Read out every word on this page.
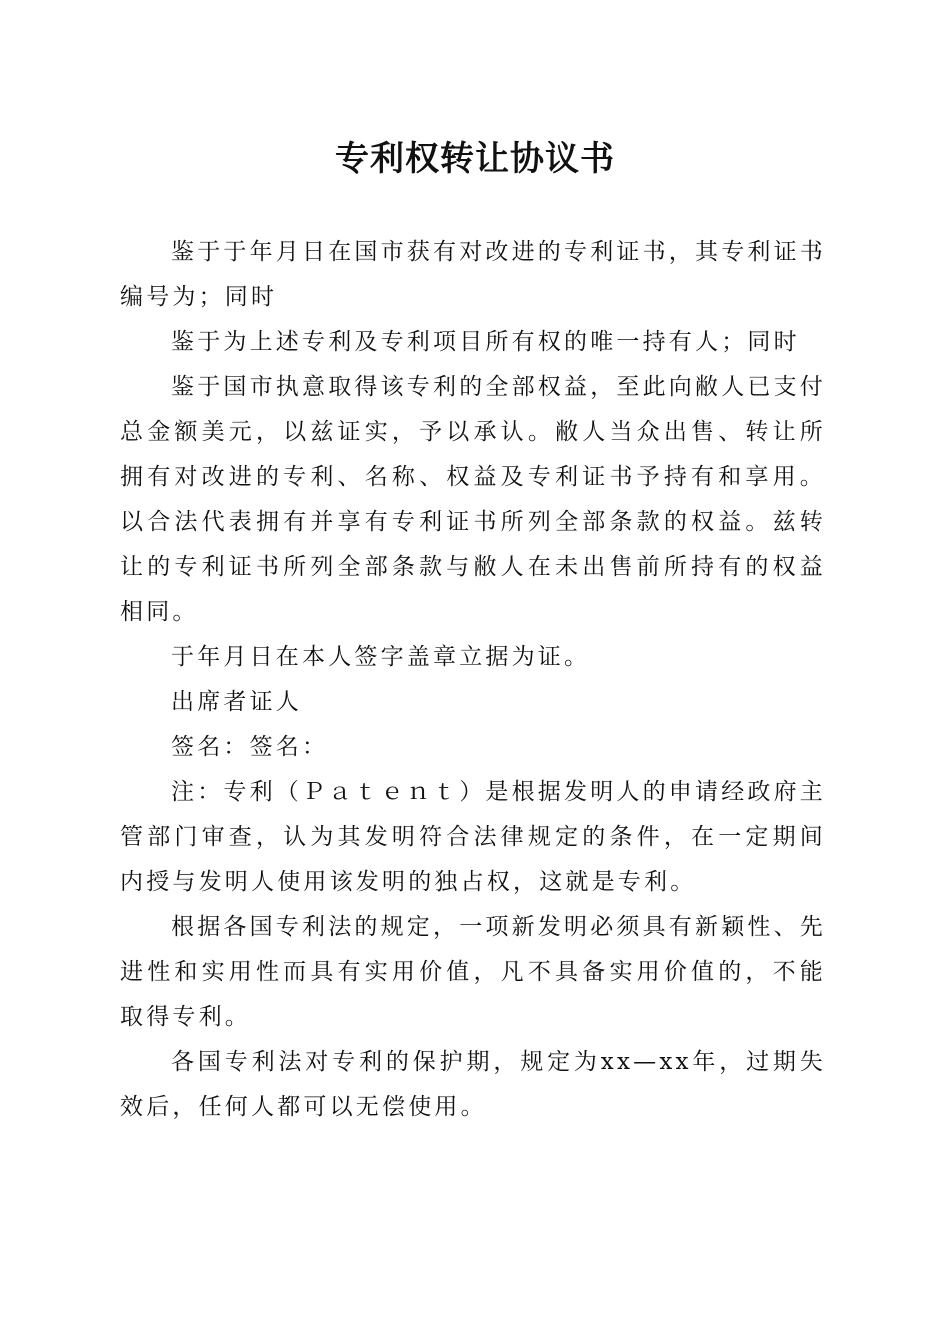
专利权转让协议书

鉴于于年月日在国市获有对改进的专利证书，其专利证书编号为；同时

鉴于为上述专利及专利项目所有权的唯一持有人；同时

鉴于国市执意取得该专利的全部权益，至此向敝人已支付总金额美元，以兹证实，予以承认。敝人当众出售、转让所拥有对改进的专利、名称、权益及专利证书予持有和享用。以合法代表拥有并享有专利证书所列全部条款的权益。兹转让的专利证书所列全部条款与敝人在未出售前所持有的权益相同。

于年月日在本人签字盖章立据为证。

出席者证人

签名：签名：

注：专利（Ｐａｔｅｎｔ）是根据发明人的申请经政府主管部门审查，认为其发明符合法律规定的条件，在一定期间内授与发明人使用该发明的独占权，这就是专利。

根据各国专利法的规定，一项新发明必须具有新颖性、先进性和实用性而具有实用价值，凡不具备实用价值的，不能取得专利。

各国专利法对专利的保护期，规定为xx—xx年，过期失效后，任何人都可以无偿使用。
